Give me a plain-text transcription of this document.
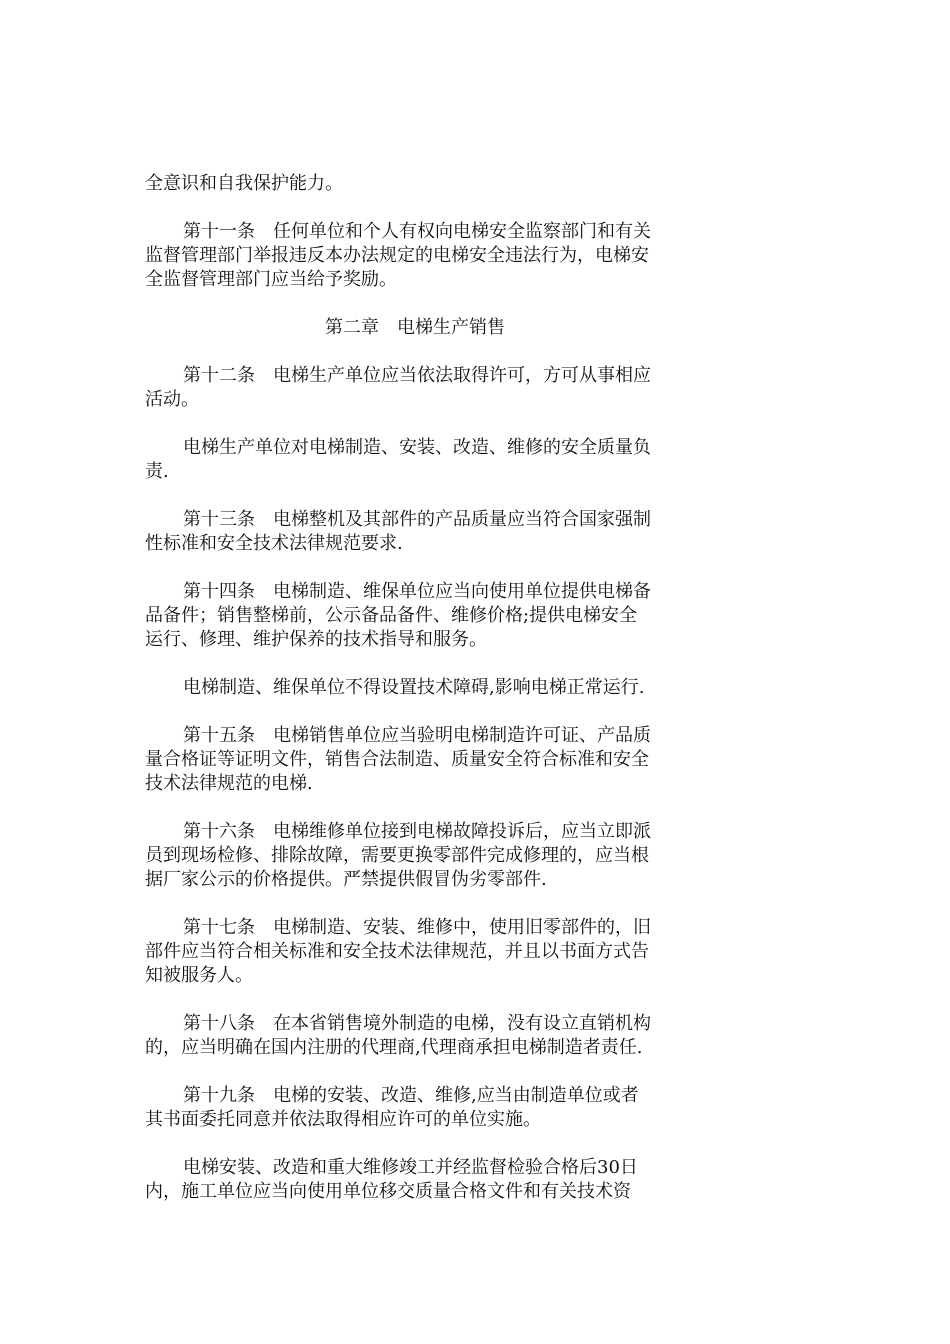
全意识和自我保护能力。
第十一条　任何单位和个人有权向电梯安全监察部门和有关
监督管理部门举报违反本办法规定的电梯安全违法行为，电梯安
全监督管理部门应当给予奖励。
第二章　电梯生产销售
第十二条　电梯生产单位应当依法取得许可，方可从事相应
活动。
电梯生产单位对电梯制造、安装、改造、维修的安全质量负
责.
第十三条　电梯整机及其部件的产品质量应当符合国家强制
性标准和安全技术法律规范要求.
第十四条　电梯制造、维保单位应当向使用单位提供电梯备
品备件；销售整梯前，公示备品备件、维修价格;提供电梯安全
运行、修理、维护保养的技术指导和服务。
电梯制造、维保单位不得设置技术障碍,影响电梯正常运行.
第十五条　电梯销售单位应当验明电梯制造许可证、产品质
量合格证等证明文件，销售合法制造、质量安全符合标准和安全
技术法律规范的电梯.
第十六条　电梯维修单位接到电梯故障投诉后，应当立即派
员到现场检修、排除故障，需要更换零部件完成修理的，应当根
据厂家公示的价格提供。严禁提供假冒伪劣零部件.
第十七条　电梯制造、安装、维修中，使用旧零部件的，旧
部件应当符合相关标准和安全技术法律规范，并且以书面方式告
知被服务人。
第十八条　在本省销售境外制造的电梯，没有设立直销机构
的，应当明确在国内注册的代理商,代理商承担电梯制造者责任.
第十九条　电梯的安装、改造、维修,应当由制造单位或者
其书面委托同意并依法取得相应许可的单位实施。
电梯安装、改造和重大维修竣工并经监督检验合格后30日
内，施工单位应当向使用单位移交质量合格文件和有关技术资
